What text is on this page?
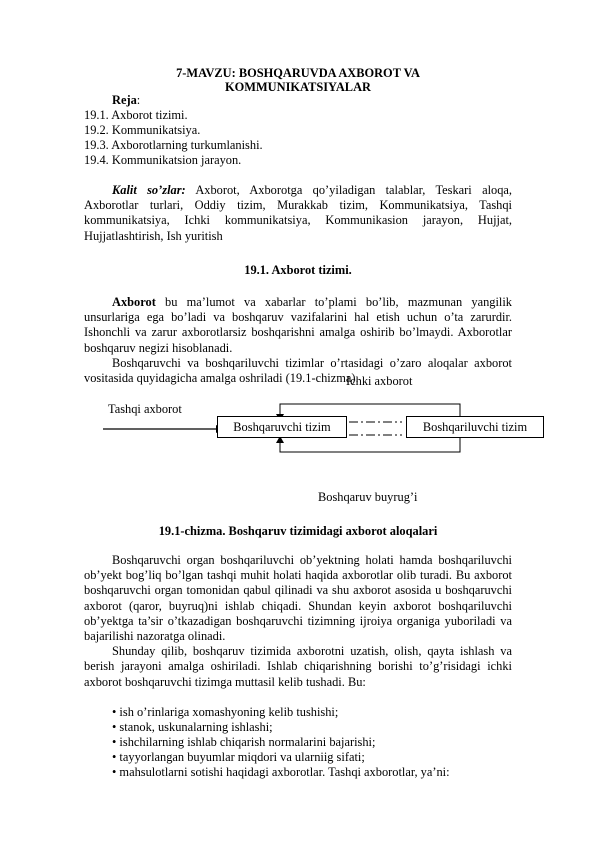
7-MAVZU: BOSHQARUVDA AXBOROT VA
KOMMUNIKATSIYALAR
Reja:
19.1. Axborot tizimi.
19.2. Kommunikatsiya.
19.3. Axborotlarning turkumlanishi.
19.4. Kommunikatsion jarayon.

Kalit so’zlar: Axborot, Axborotga qo’yiladigan talablar, Teskari aloqa, Axborotlar turlari, Oddiy tizim, Murakkab tizim, Kommunikatsiya, Tashqi kommunikatsiya, Ichki kommunikatsiya, Kommunikasion jarayon, Hujjat, Hujjatlashtirish, Ish yuritish

19.1. Axborot tizimi.

Axborot bu ma’lumot va xabarlar to’plami bo’lib, mazmunan yangilik unsurlariga ega bo’ladi va boshqaruv vazifalarini hal etish uchun o’ta zarurdir. Ishonchli va zarur axborotlarsiz boshqarishni amalga oshirib bo’lmaydi. Axborotlar boshqaruv negizi hisoblanadi.

Boshqaruvchi va boshqariluvchi tizimlar o’rtasidagi o’zaro aloqalar axborot vositasida quyidagicha amalga oshriladi (19.1-chizma).

Ichki axborot
Tashqi axborot
Boshqaruvchi tizim	Boshqariluvchi tizim
Boshqaruv buyrug’i
19.1-chizma. Boshqaruv tizimidagi axborot aloqalari

Boshqaruvchi organ boshqariluvchi ob’yektning holati hamda boshqariluvchi ob’yekt bog’liq bo’lgan tashqi muhit holati haqida axborotlar olib turadi. Bu axborot boshqaruvchi organ tomonidan qabul qilinadi va shu axborot asosida u boshqaruvchi axborot (qaror, buyruq)ni ishlab chiqadi. Shundan keyin axborot boshqariluvchi ob’yektga ta’sir o’tkazadigan boshqaruvchi tizimning ijroiya organiga yuboriladi va bajarilishi nazoratga olinadi.

Shunday qilib, boshqaruv tizimida axborotni uzatish, olish, qayta ishlash va berish jarayoni amalga oshiriladi. Ishlab chiqarishning borishi to’g’risidagi ichki axborot boshqaruvchi tizimga muttasil kelib tushadi. Bu:

• ish o’rinlariga xomashyoning kelib tushishi;
• stanok, uskunalarning ishlashi;
• ishchilarning ishlab chiqarish normalarini bajarishi;
• tayyorlangan buyumlar miqdori va ularniig sifati;
• mahsulotlarni sotishi haqidagi axborotlar. Tashqi axborotlar, ya’ni:
